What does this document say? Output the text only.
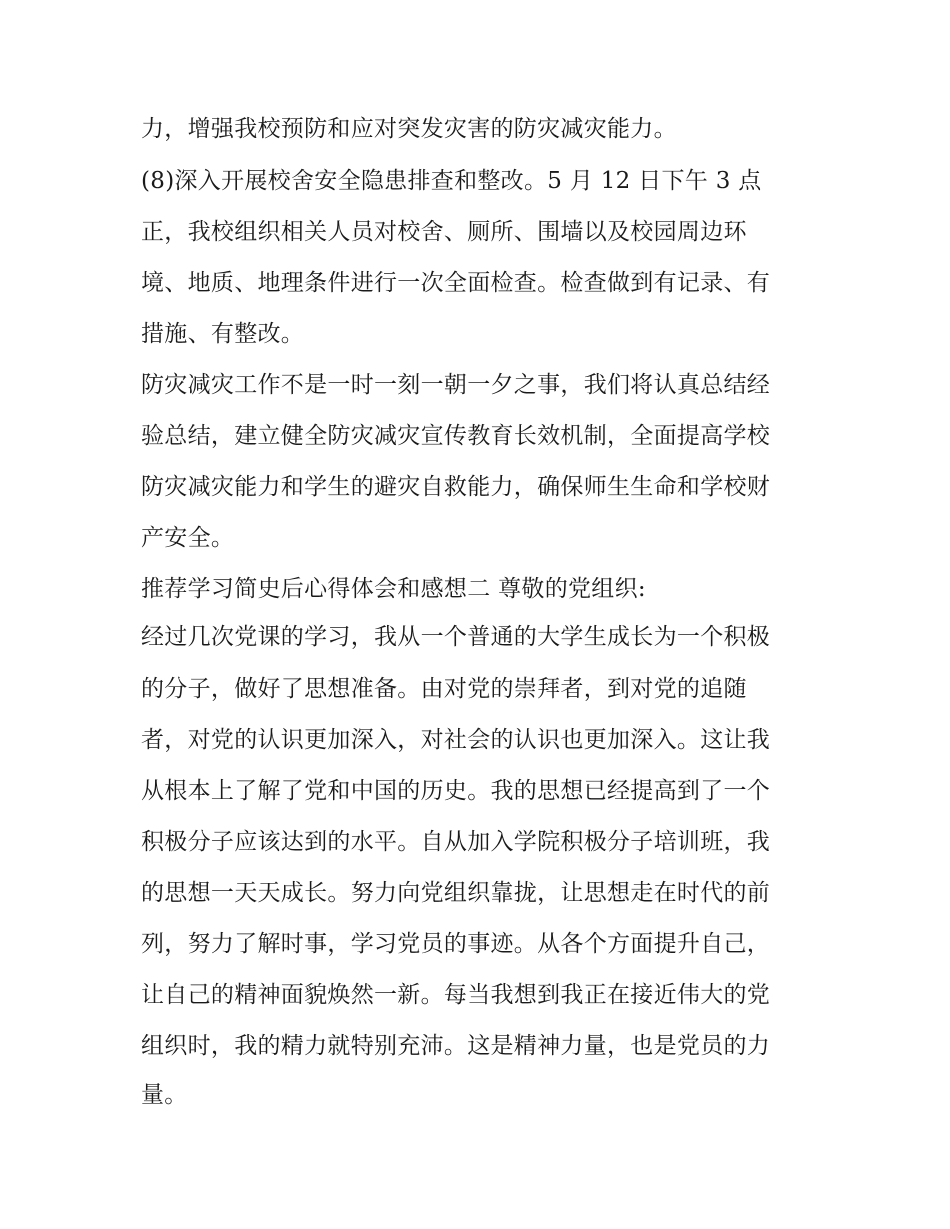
力，增强我校预防和应对突发灾害的防灾减灾能力。
(8)深入开展校舍安全隐患排查和整改。5 月 12 日下午 3 点
正，我校组织相关人员对校舍、厕所、围墙以及校园周边环
境、地质、地理条件进行一次全面检查。检查做到有记录、有
措施、有整改。
防灾减灾工作不是一时一刻一朝一夕之事，我们将认真总结经
验总结，建立健全防灾减灾宣传教育长效机制，全面提高学校
防灾减灾能力和学生的避灾自救能力，确保师生生命和学校财
产安全。
推荐学习简史后心得体会和感想二 尊敬的党组织:
经过几次党课的学习，我从一个普通的大学生成长为一个积极
的分子，做好了思想准备。由对党的崇拜者，到对党的追随
者，对党的认识更加深入，对社会的认识也更加深入。这让我
从根本上了解了党和中国的历史。我的思想已经提高到了一个
积极分子应该达到的水平。自从加入学院积极分子培训班，我
的思想一天天成长。努力向党组织靠拢，让思想走在时代的前
列，努力了解时事，学习党员的事迹。从各个方面提升自己，
让自己的精神面貌焕然一新。每当我想到我正在接近伟大的党
组织时，我的精力就特别充沛。这是精神力量，也是党员的力
量。
